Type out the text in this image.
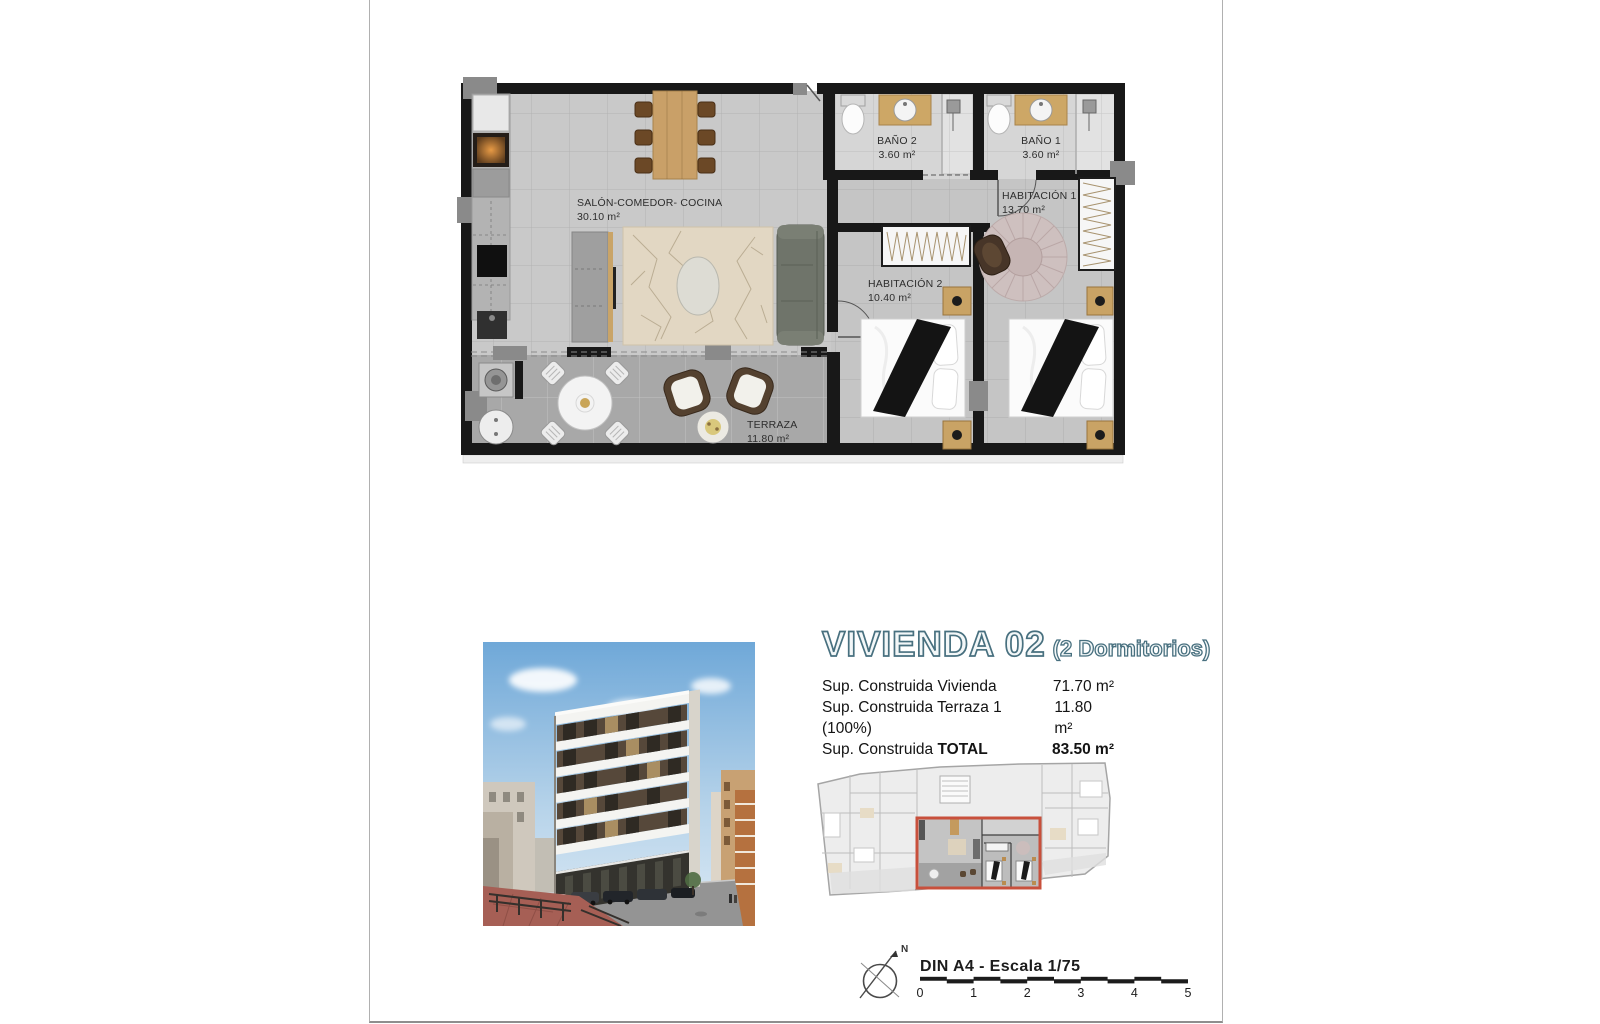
SALÓN-COMEDOR- COCINA
30.10 m²
BAÑO 2
3.60 m²
BAÑO 1
3.60 m²
HABITACIÓN 1
13.70 m²
HABITACIÓN 2
10.40 m²
TERRAZA
11.80 m²
VIVIENDA 02 (2 Dormitorios)
Sup. Construida Vivienda	71.70 m²
Sup. Construida Terraza 1 (100%)
11.80 m²
Sup. Construida TOTAL	83.50 m²
N
DIN A4 - Escala 1/75
0	1	2	3	4	5
